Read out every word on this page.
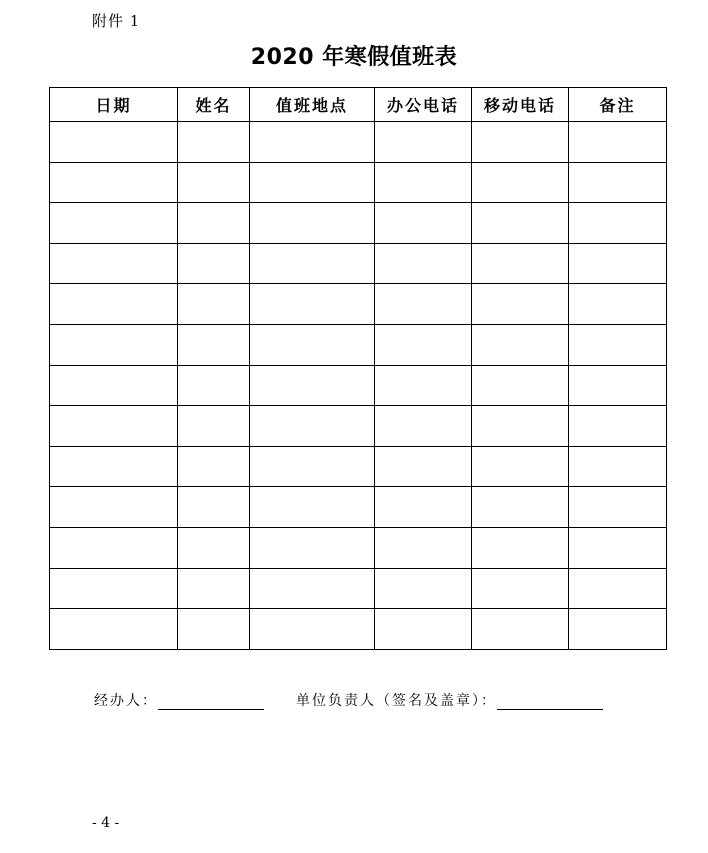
附件 1
2020 年寒假值班表
日期	姓名	值班地点	办公电话	移动电话	备注

经办人：	单位负责人（签名及盖章）：
- 4 -
